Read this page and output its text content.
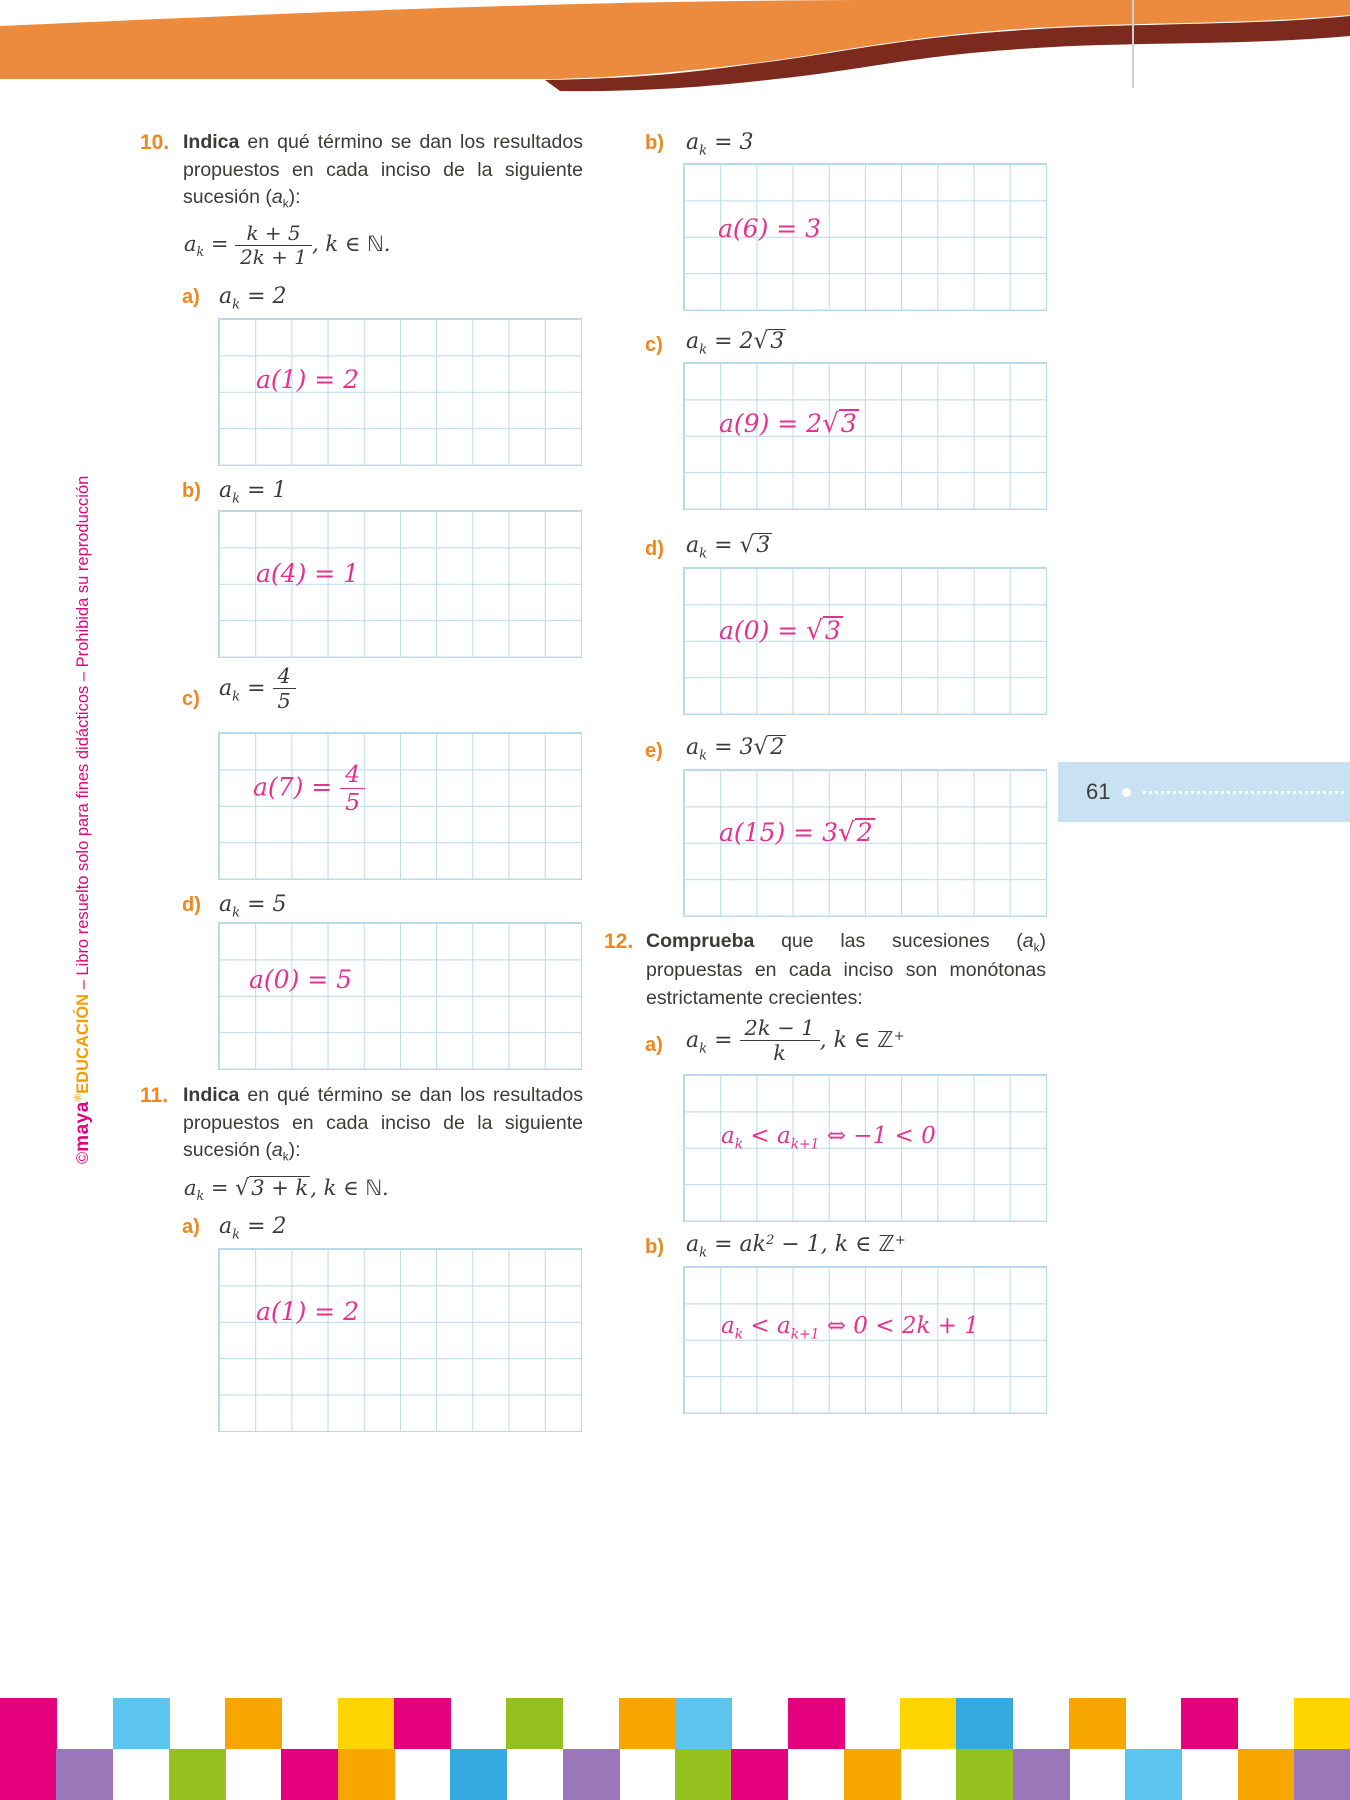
©maya®EDUCACIÓN – Libro resuelto solo para fines didácticos – Prohibida su reproducción
10. Indica en qué término se dan los resultados propuestos en cada inciso de la siguiente sucesión $(a_k)$:

$a_k = \frac{k + 5}{2k + 1}$ , k ∈ ℕ.
a) $a_k = 2$
a(1) = 2
b) $a_k = 1$
a(4) = 1
c) $a_k = \frac{4}{5}$
$a(7) = \frac{4}{5}$
d) $a_k = 5$
a(0) = 5
11. Indica en qué término se dan los resultados propuestos en cada inciso de la siguiente sucesión $(a_k)$:

$a_k = √3 + k$, k ∈ ℕ.
a) $a_k = 2$
a(1) = 2
b) $a_k = 3$
a(6) = 3
c) $a_k = 2√3$
a(9) = 2√3
d) $a_k = √3$
a(0) = √3
e) $a_k = 3√2$
a(15) = 3√2
61
12. Comprueba que las sucesiones $(a_k)$ propuestas en cada inciso son monótonas estrictamente crecientes:

a) $a_k = \frac{2k - 1}{k}$ , k ∈ ℤ+
$a_k < a_{k+1}$ ⇔ −1 < 0
b) $a_k = ak^2 - 1$, k ∈ ℤ+
$a_k < a_{k+1}$ ⇔ 0 < 2k + 1
